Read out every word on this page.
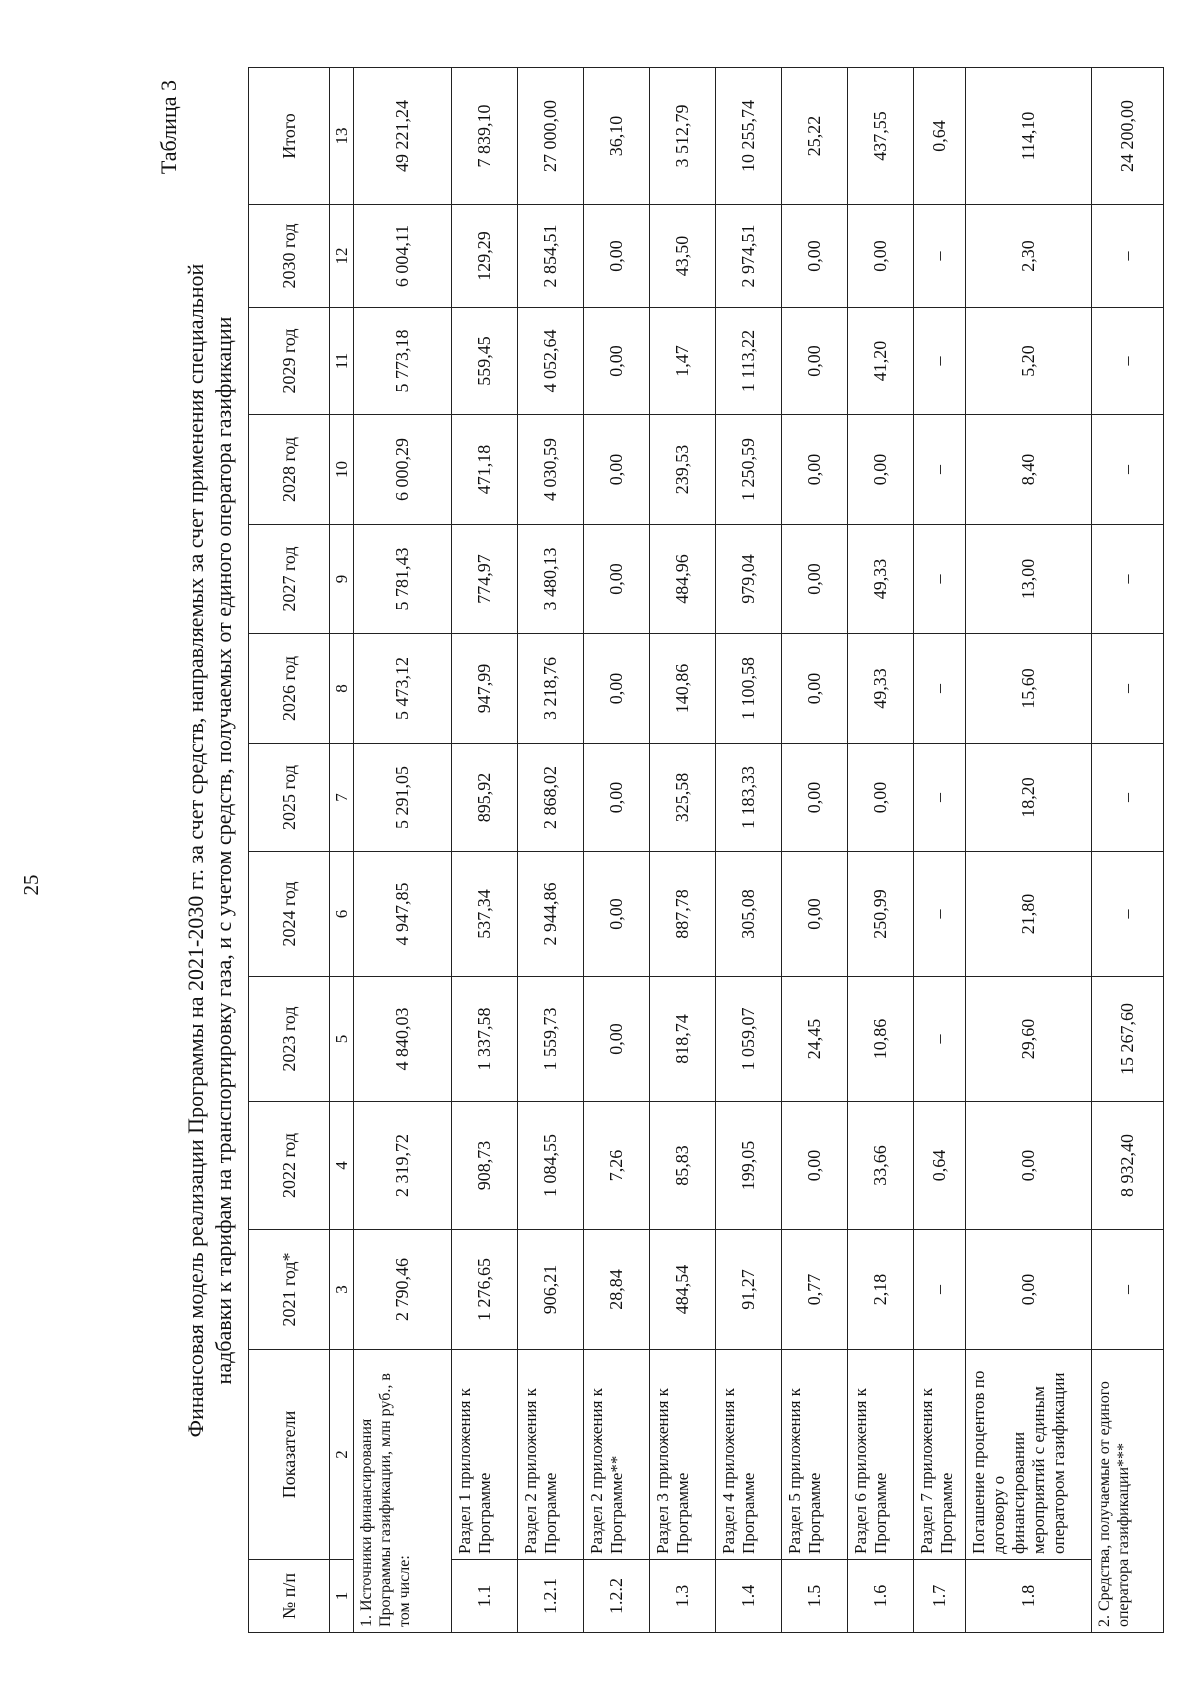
25
Таблица 3
Финансовая модель реализации Программы на 2021-2030 гг. за счет средств, направляемых за счет применения специальной надбавки к тарифам на транспортировку газа, и с учетом средств, получаемых от единого оператора газификации
№ п/п	Показатели	2021 год*	2022 год	2023 год	2024 год	2025 год	2026 год	2027 год	2028 год	2029 год	2030 год	Итого
1	2	3	4	5	6	7	8	9	10	11	12	13
1. Источники финансирования Программы газификации, млн руб., в том числе:		2 790,46	2 319,72	4 840,03	4 947,85	5 291,05	5 473,12	5 781,43	6 000,29	5 773,18	6 004,11	49 221,24
1.1	Раздел 1 приложения к Программе	1 276,65	908,73	1 337,58	537,34	895,92	947,99	774,97	471,18	559,45	129,29	7 839,10
1.2.1	Раздел 2 приложения к Программе	906,21	1 084,55	1 559,73	2 944,86	2 868,02	3 218,76	3 480,13	4 030,59	4 052,64	2 854,51	27 000,00
1.2.2	Раздел 2 приложения к Программе**	28,84	7,26	0,00	0,00	0,00	0,00	0,00	0,00	0,00	0,00	36,10
1.3	Раздел 3 приложения к Программе	484,54	85,83	818,74	887,78	325,58	140,86	484,96	239,53	1,47	43,50	3 512,79
1.4	Раздел 4 приложения к Программе	91,27	199,05	1 059,07	305,08	1 183,33	1 100,58	979,04	1 250,59	1 113,22	2 974,51	10 255,74
1.5	Раздел 5 приложения к Программе	0,77	0,00	24,45	0,00	0,00	0,00	0,00	0,00	0,00	0,00	25,22
1.6	Раздел 6 приложения к Программе	2,18	33,66	10,86	250,99	0,00	49,33	49,33	0,00	41,20	0,00	437,55
1.7	Раздел 7 приложения к Программе	–	0,64	–	–	–	–	–	–	–	–	0,64
1.8	Погашение процентов по договору о финансировании мероприятий с единым оператором газификации	0,00	0,00	29,60	21,80	18,20	15,60	13,00	8,40	5,20	2,30	114,10
2. Средства, получаемые от единого оператора газификации***		–	8 932,40	15 267,60	–	–	–	–	–	–	–	24 200,00
